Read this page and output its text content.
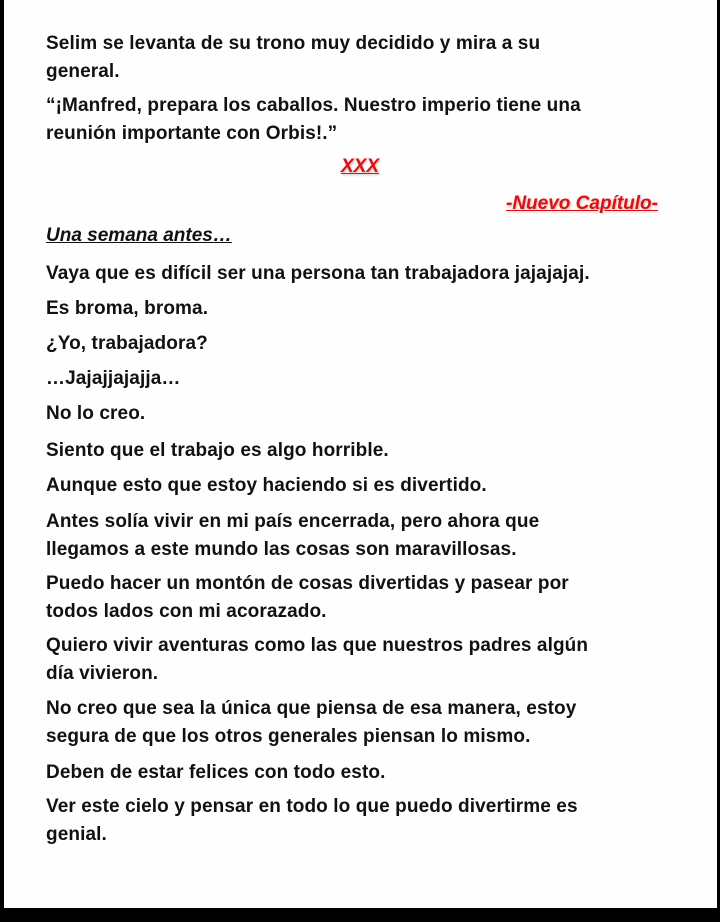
Selim se levanta de su trono muy decidido y mira a su
general.
“¡Manfred, prepara los caballos. Nuestro imperio tiene una
reunión importante con Orbis!.”
XXX
-Nuevo Capítulo-
Una semana antes…
Vaya que es difícil ser una persona tan trabajadora jajajajaj.
Es broma, broma.
¿Yo, trabajadora?
…Jajajjajajja…
No lo creo.
Siento que el trabajo es algo horrible.
Aunque esto que estoy haciendo si es divertido.
Antes solía vivir en mi país encerrada, pero ahora que
llegamos a este mundo las cosas son maravillosas.
Puedo hacer un montón de cosas divertidas y pasear por
todos lados con mi acorazado.
Quiero vivir aventuras como las que nuestros padres algún
día vivieron.
No creo que sea la única que piensa de esa manera, estoy
segura de que los otros generales piensan lo mismo.
Deben de estar felices con todo esto.
Ver este cielo y pensar en todo lo que puedo divertirme es
genial.
